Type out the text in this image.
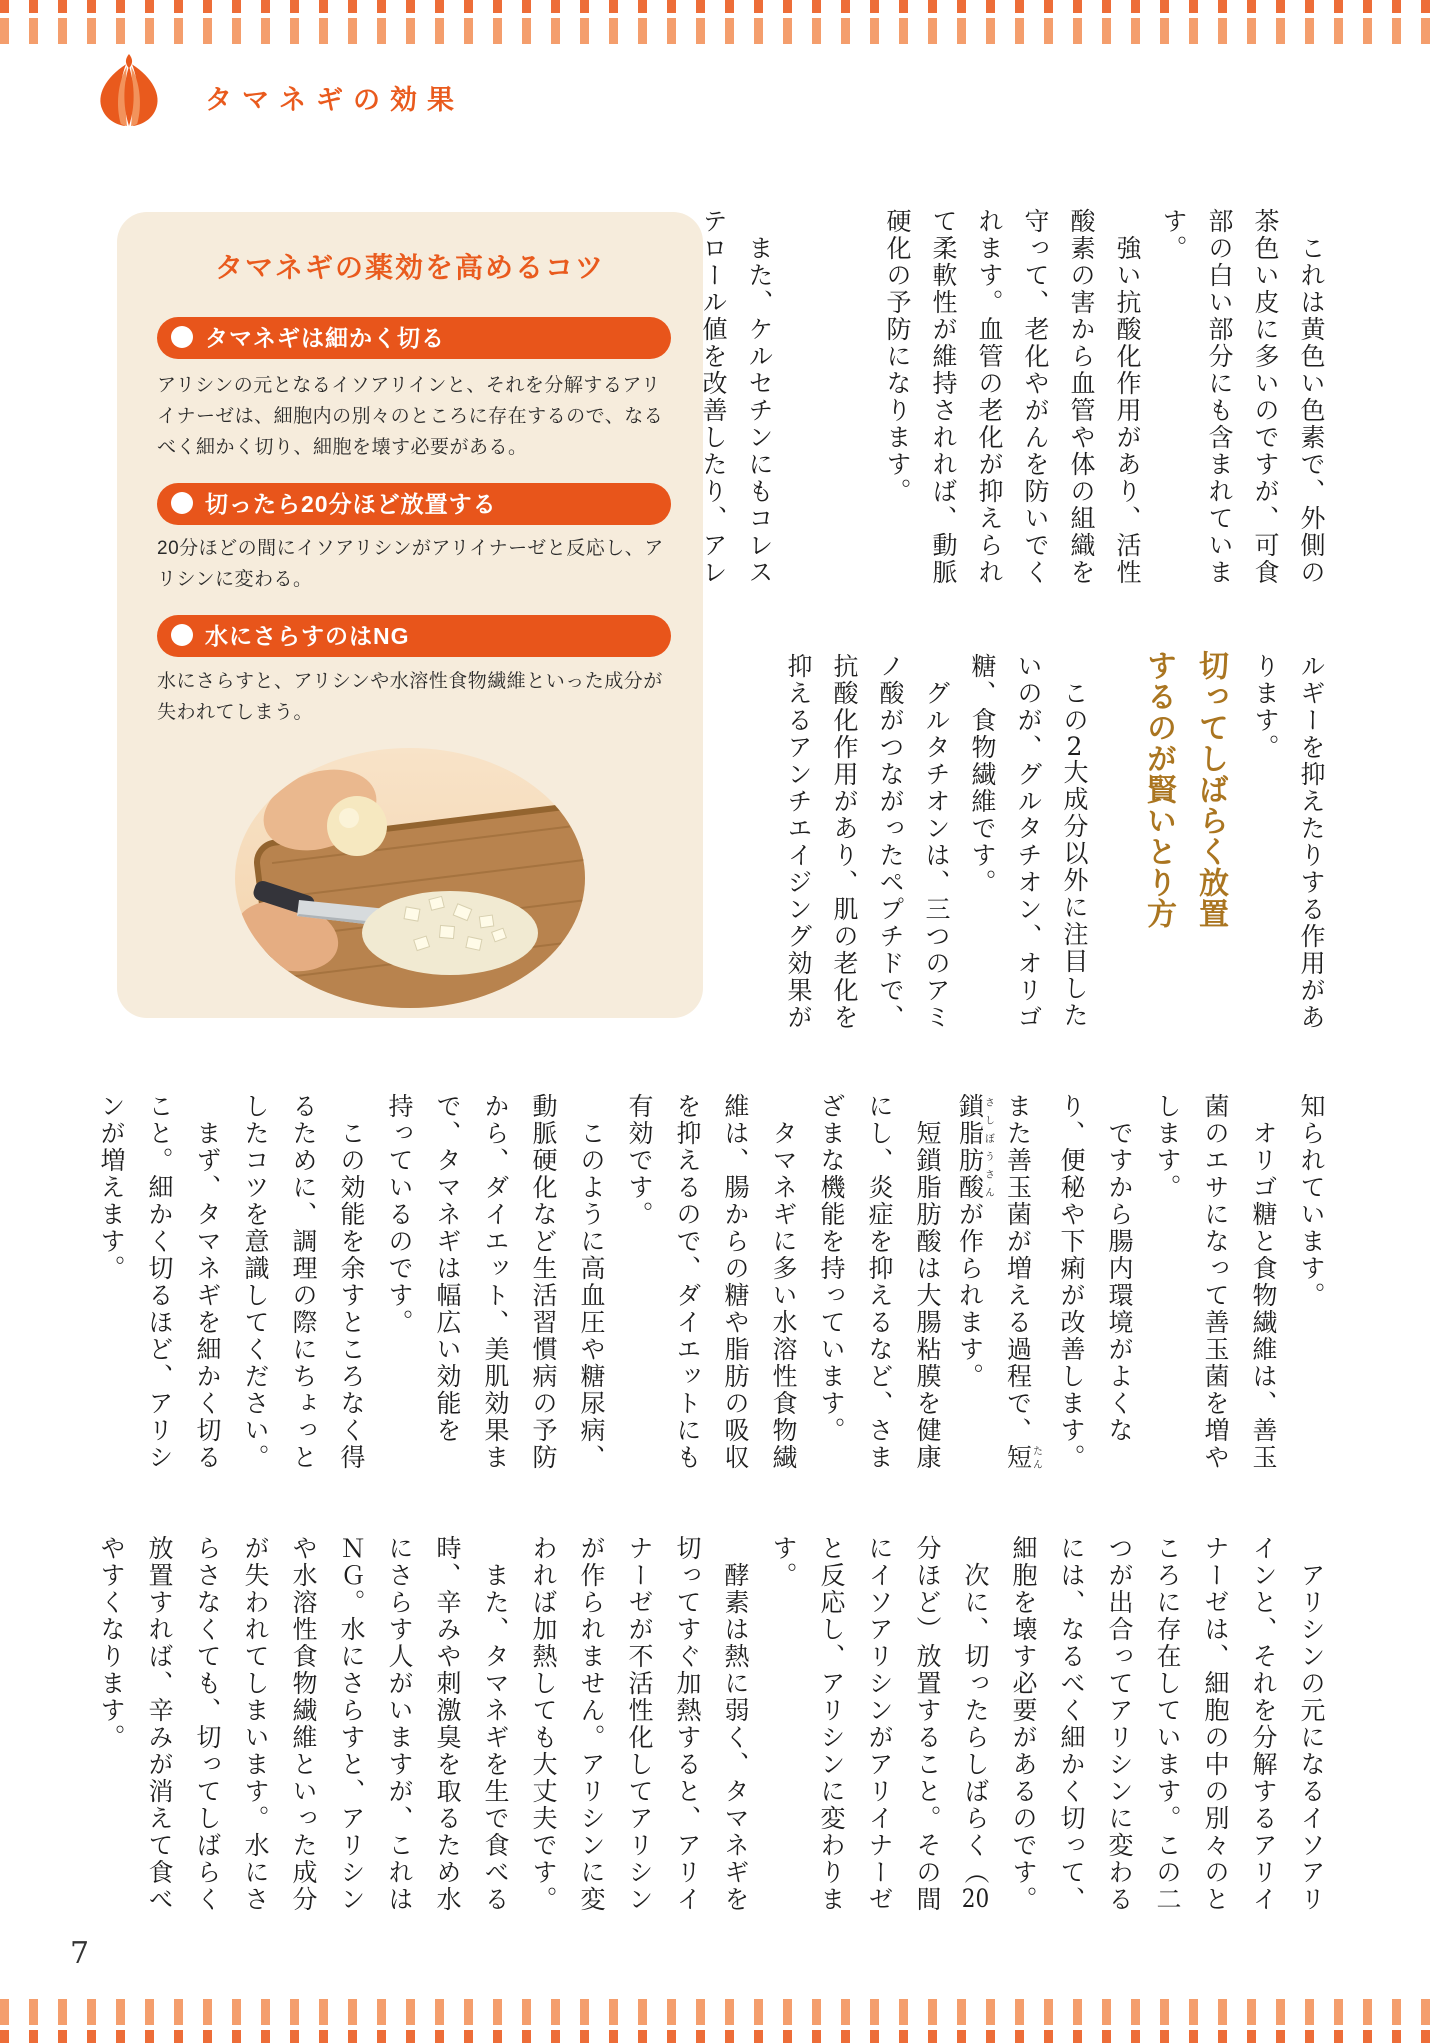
タマネギの効果
タマネギの薬効を高めるコツ
タマネギは細かく切る
アリシンの元となるイソアリインと、それを分解するアリイナーゼは、細胞内の別々のところに存在するので、なるべく細かく切り、細胞を壊す必要がある。
切ったら20分ほど放置する
20分ほどの間にイソアリシンがアリイナーゼと反応し、アリシンに変わる。
水にさらすのはNG
水にさらすと、アリシンや水溶性食物繊維といった成分が失われてしまう。
　これは黄色い色素で、外側の
茶色い皮に多いのですが、可食
部の白い部分にも含まれていま
す。
　強い抗酸化作用があり、活性
酸素の害から血管や体の組織を
守って、老化やがんを防いでく
れます。血管の老化が抑えられ
て柔軟性が維持されれば、動脈
硬化の予防になります。

　また、ケルセチンにもコレス
テロール値を改善したり、アレ
ルギーを抑えたりする作用があ
ります。
切ってしばらく放置
するのが賢いとり方
　この2大成分以外に注目した
いのが、グルタチオン、オリゴ
糖、食物繊維です。
　グルタチオンは、三つのアミ
ノ酸がつながったペプチドで、
抗酸化作用があり、肌の老化を
抑えるアンチエイジング効果が
知られています。
　オリゴ糖と食物繊維は、善玉
菌のエサになって善玉菌を増や
します。
　ですから腸内環境がよくな
り、便秘や下痢が改善します。
また善玉菌が増える過程で、短たん
鎖脂肪酸さしぼうさんが作られます。
　短鎖脂肪酸は大腸粘膜を健康
にし、炎症を抑えるなど、さま
ざまな機能を持っています。
　タマネギに多い水溶性食物繊
維は、腸からの糖や脂肪の吸収
を抑えるので、ダイエットにも
有効です。
　このように高血圧や糖尿病、
動脈硬化など生活習慣病の予防
から、ダイエット、美肌効果ま
で、タマネギは幅広い効能を
持っているのです。
　この効能を余すところなく得
るために、調理の際にちょっと
したコツを意識してください。
　まず、タマネギを細かく切る
こと。細かく切るほど、アリシ
ンが増えます。
　アリシンの元になるイソアリ
インと、それを分解するアリイ
ナーゼは、細胞の中の別々のと
ころに存在しています。この二
つが出合ってアリシンに変わる
には、なるべく細かく切って、
細胞を壊す必要があるのです。
　次に、切ったらしばらく（20
分ほど）放置すること。その間
にイソアリシンがアリイナーゼ
と反応し、アリシンに変わりま
す。
　酵素は熱に弱く、タマネギを
切ってすぐ加熱すると、アリイ
ナーゼが不活性化してアリシン
が作られません。アリシンに変
われば加熱しても大丈夫です。
　また、タマネギを生で食べる
時、辛みや刺激臭を取るため水
にさらす人がいますが、これは
ＮＧ。水にさらすと、アリシン
や水溶性食物繊維といった成分
が失われてしまいます。水にさ
らさなくても、切ってしばらく
放置すれば、辛みが消えて食べ
やすくなります。
7
